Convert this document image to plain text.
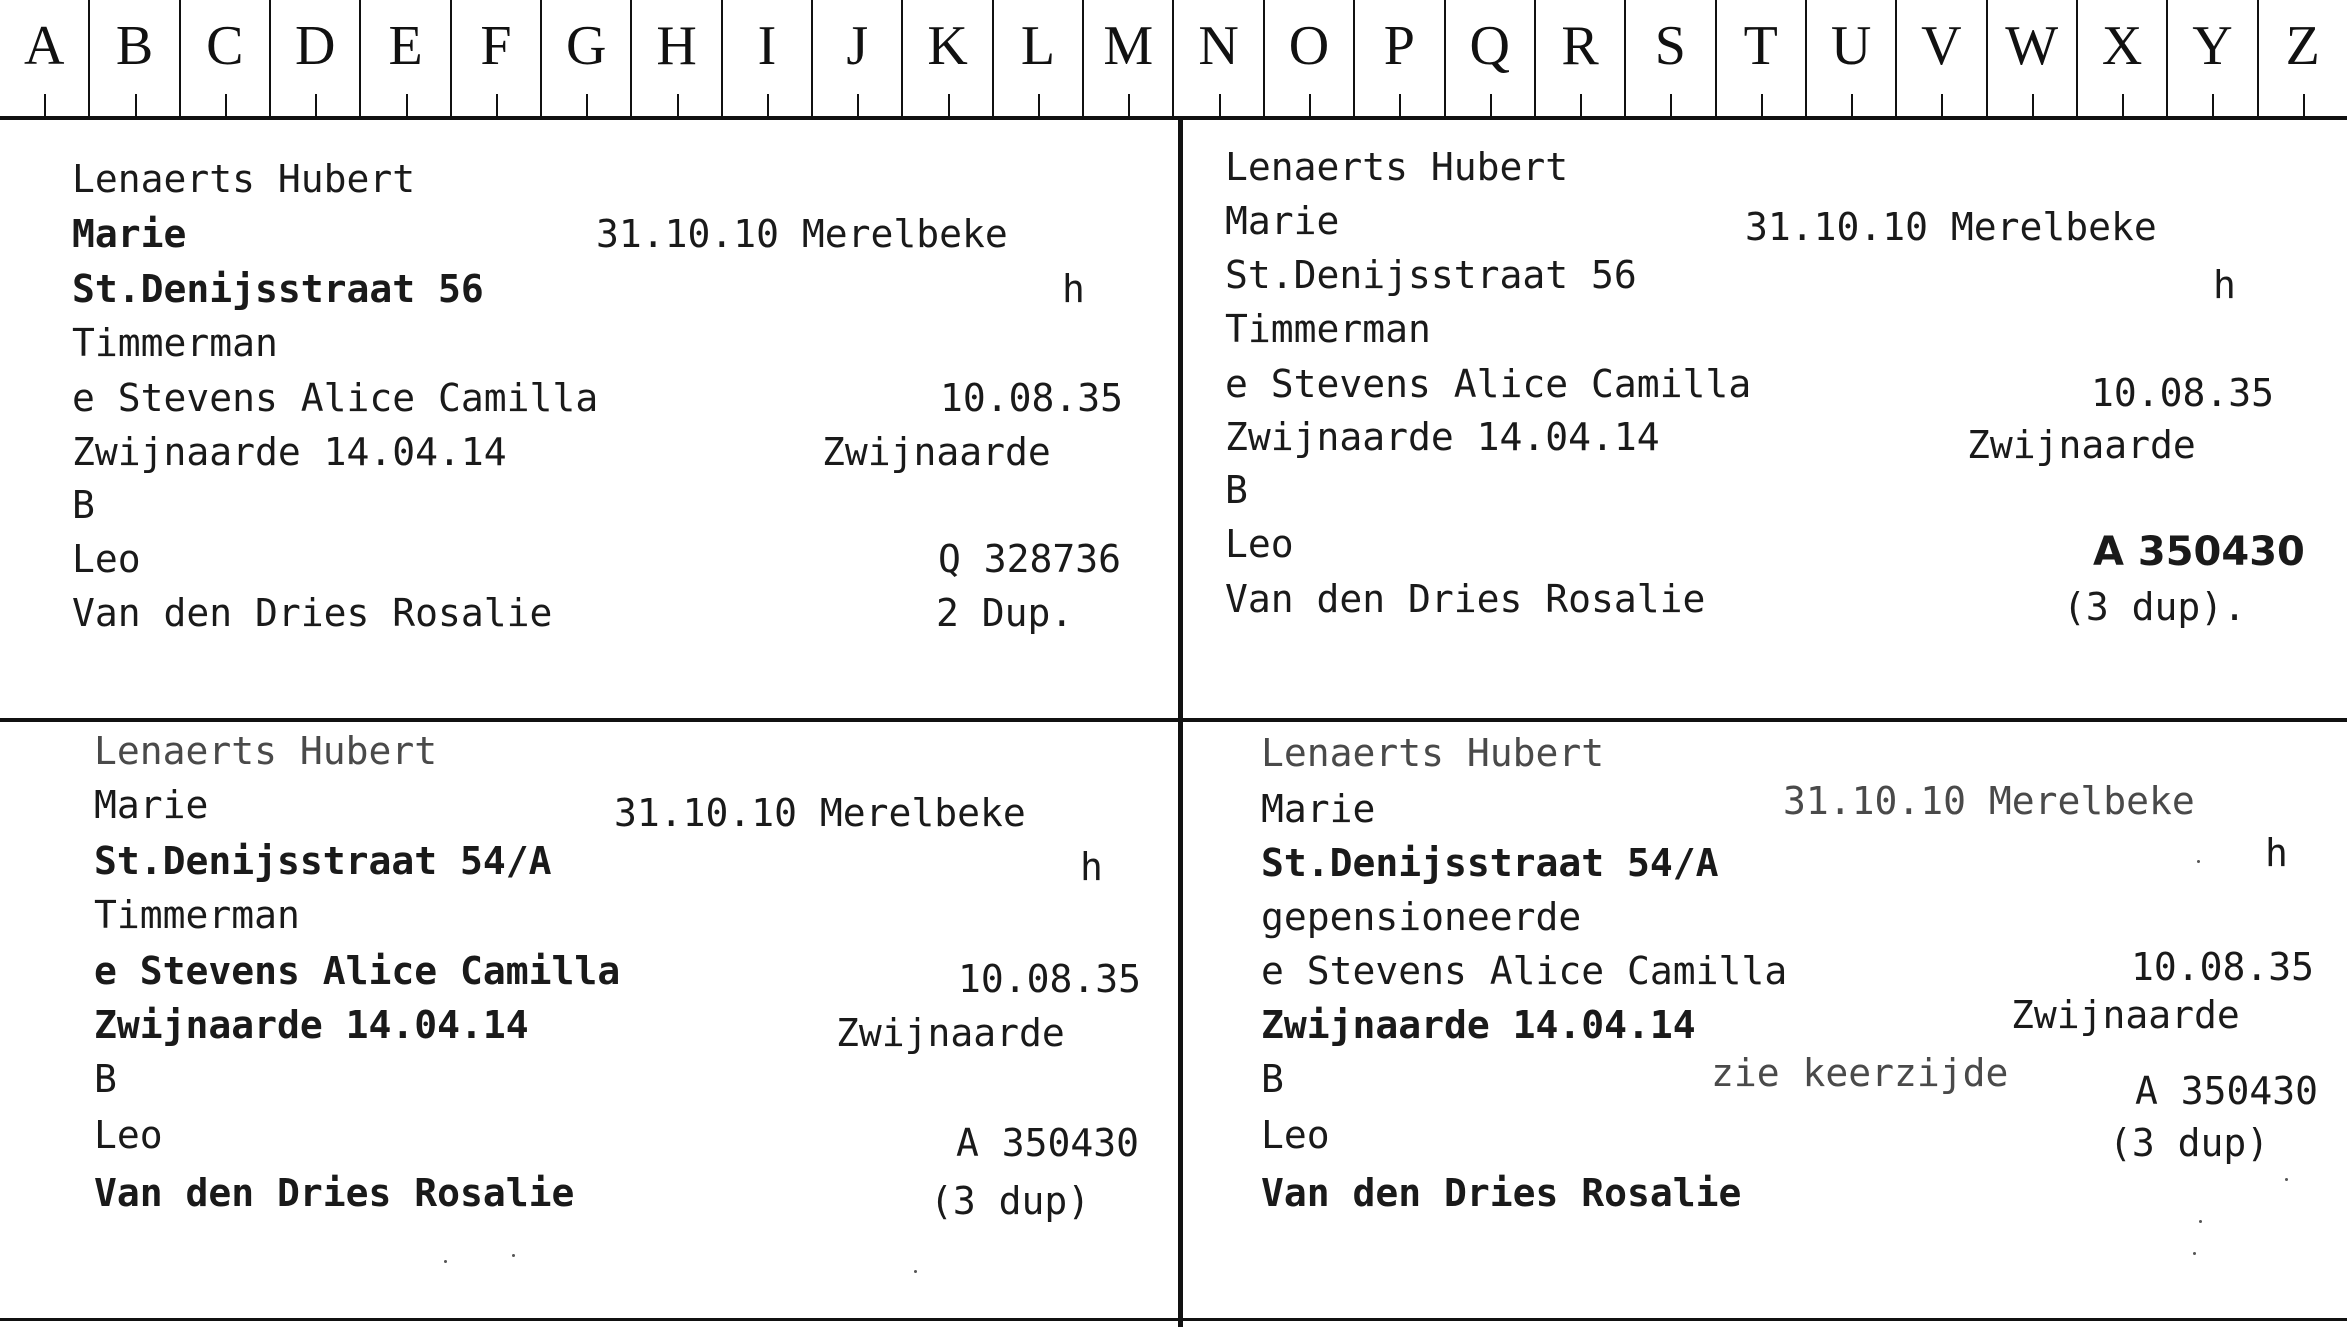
A B C D E	F G H	I	J	K L M N O P Q R	S	T U V W X Y Z
Lenaerts Hubert
Marie	31.10.10 Merelbeke
St.Denijsstraat 56	h
Timmerman
e Stevens Alice Camilla	10.08.35
Zwijnaarde 14.04.14	Zwijnaarde
B
Leo	Q 328736
Van den Dries Rosalie	2 Dup.
Lenaerts Hubert
Marie	31.10.10 Merelbeke
St.Denijsstraat 56	h
Timmerman
e Stevens Alice Camilla	10.08.35
Zwijnaarde 14.04.14	Zwijnaarde
B
Leo	A 350430
Van den Dries Rosalie	(3 dup).
Lenaerts Hubert
Marie	31.10.10 Merelbeke
St.Denijsstraat 54/A	h
Timmerman
e Stevens Alice Camilla	10.08.35
Zwijnaarde 14.04.14	Zwijnaarde
B
Leo	A 350430
Van den Dries Rosalie	(3 dup)
Lenaerts Hubert
Marie	31.10.10 Merelbeke
St.Denijsstraat 54/A	h
gepensioneerde
e Stevens Alice Camilla	10.08.35
Zwijnaarde 14.04.14	Zwijnaarde
B	zie keerzijde
Leo
A 350430
Van den Dries Rosalie
(3 dup)
